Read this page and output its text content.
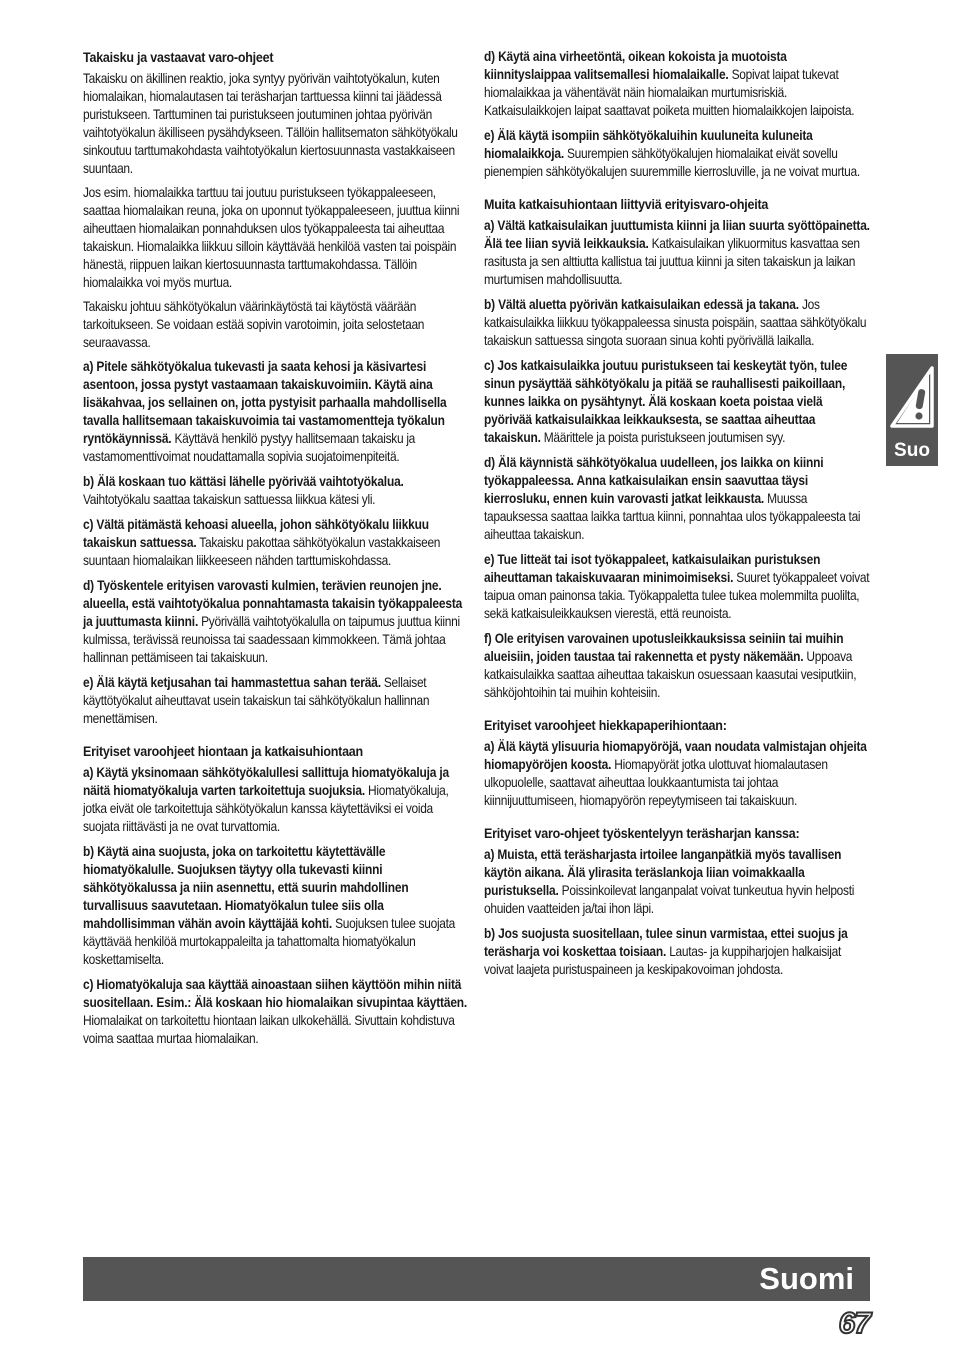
Takaisku ja vastaavat varo-ohjeet
Takaisku on äkillinen reaktio, joka syntyy pyörivän vaihtotyökalun, kuten hiomalaikan, hiomalautasen tai teräsharjan tarttuessa kiinni tai jäädessä puristukseen. Tarttuminen tai puristukseen joutuminen johtaa pyörivän vaihtotyökalun äkilliseen pysähdykseen. Tällöin hallitsematon sähkötyökalu sinkoutuu tarttumakohdasta vaihtotyökalun kiertosuunnasta vastakkaiseen suuntaan.
Jos esim. hiomalaikka tarttuu tai joutuu puristukseen työkappaleeseen, saattaa hiomalaikan reuna, joka on uponnut työkappaleeseen, juuttua kiinni aiheuttaen hiomalaikan ponnahduksen ulos työkappaleesta tai aiheuttaa takaiskun. Hiomalaikka liikkuu silloin käyttävää henkilöä vasten tai poispäin hänestä, riippuen laikan kiertosuunnasta tarttumakohdassa. Tällöin hiomalaikka voi myös murtua.
Takaisku johtuu sähkötyökalun väärinkäytöstä tai käytöstä väärään tarkoitukseen. Se voidaan estää sopivin varotoimin, joita selostetaan seuraavassa.
a) Pitele sähkötyökalua tukevasti ja saata kehosi ja käsivartesi asentoon, jossa pystyt vastaamaan takaiskuvoimiin. Käytä aina lisäkahvaa, jos sellainen on, jotta pystyisit parhaalla mahdollisella tavalla hallitsemaan takaiskuvoimia tai vastamomentteja työkalun ryntökäynnissä. Käyttävä henkilö pystyy hallitsemaan takaisku ja vastamomenttivoimat noudattamalla sopivia suojatoimenpiteitä.
b) Älä koskaan tuo kättäsi lähelle pyörivää vaihtotyökalua. Vaihtotyökalu saattaa takaiskun sattuessa liikkua kätesi yli.
c) Vältä pitämästä kehoasi alueella, johon sähkötyökalu liikkuu takaiskun sattuessa. Takaisku pakottaa sähkötyökalun vastakkaiseen suuntaan hiomalaikan liikkeeseen nähden tarttumiskohdassa.
d) Työskentele erityisen varovasti kulmien, terävien reunojen jne. alueella, estä vaihtotyökalua ponnahtamasta takaisin työkappaleesta ja juuttumasta kiinni. Pyörivällä vaihtotyökalulla on taipumus juuttua kiinni kulmissa, terävissä reunoissa tai saadessaan kimmokkeen. Tämä johtaa hallinnan pettämiseen tai takaiskuun.
e) Älä käytä ketjusahan tai hammastettua sahan terää. Sellaiset käyttötyökalut aiheuttavat usein takaiskun tai sähkötyökalun hallinnan menettämisen.
Erityiset varoohjeet hiontaan ja katkaisuhiontaan
a) Käytä yksinomaan sähkötyökalullesi sallittuja hiomatyökaluja ja näitä hiomatyökaluja varten tarkoitettuja suojuksia. Hiomatyökaluja, jotka eivät ole tarkoitettuja sähkötyökalun kanssa käytettäviksi ei voida suojata riittävästi ja ne ovat turvattomia.
b) Käytä aina suojusta, joka on tarkoitettu käytettävälle hiomatyökalulle. Suojuksen täytyy olla tukevasti kiinni sähkötyökalussa ja niin asennettu, että suurin mahdollinen turvallisuus saavutetaan. Hiomatyökalun tulee siis olla mahdollisimman vähän avoin käyttäjää kohti. Suojuksen tulee suojata käyttävää henkilöä murtokappaleilta ja tahattomalta hiomatyökalun koskettamiselta.
c) Hiomatyökaluja saa käyttää ainoastaan siihen käyttöön mihin niitä suositellaan. Esim.: Älä koskaan hio hiomalaikan sivupintaa käyttäen. Hiomalaikat on tarkoitettu hiontaan laikan ulkokehällä. Sivuttain kohdistuva voima saattaa murtaa hiomalaikan.
d) Käytä aina virheetöntä, oikean kokoista ja muotoista kiinnityslaippaa valitsemallesi hiomalaikalle. Sopivat laipat tukevat hiomalaikkaa ja vähentävät näin hiomalaikan murtumisriskiä. Katkaisulaikkojen laipat saattavat poiketa muitten hiomalaikkojen laipoista.
e) Älä käytä isompiin sähkötyökaluihin kuuluneita kuluneita hiomalaikkoja. Suurempien sähkötyökalujen hiomalaikat eivät sovellu pienempien sähkötyökalujen suuremmille kierrosluville, ja ne voivat murtua.
Muita katkaisuhiontaan liittyviä erityisvaro-ohjeita
a) Vältä katkaisulaikan juuttumista kiinni ja liian suurta syöttöpainetta. Älä tee liian syviä leikkauksia. Katkaisulaikan ylikuormitus kasvattaa sen rasitusta ja sen alttiutta kallistua tai juuttua kiinni ja siten takaiskun ja laikan murtumisen mahdollisuutta.
b) Vältä aluetta pyörivän katkaisulaikan edessä ja takana. Jos katkaisulaikka liikkuu työkappaleessa sinusta poispäin, saattaa sähkötyökalu takaiskun sattuessa singota suoraan sinua kohti pyörivällä laikalla.
c) Jos katkaisulaikka joutuu puristukseen tai keskeytät työn, tulee sinun pysäyttää sähkötyökalu ja pitää se rauhallisesti paikoillaan, kunnes laikka on pysähtynyt. Älä koskaan koeta poistaa vielä pyörivää katkaisulaikkaa leikkauksesta, se saattaa aiheuttaa takaiskun. Määrittele ja poista puristukseen joutumisen syy.
d) Älä käynnistä sähkötyökalua uudelleen, jos laikka on kiinni työkappaleessa. Anna katkaisulaikan ensin saavuttaa täysi kierrosluku, ennen kuin varovasti jatkat leikkausta. Muussa tapauksessa saattaa laikka tarttua kiinni, ponnahtaa ulos työkappaleesta tai aiheuttaa takaiskun.
e) Tue litteät tai isot työkappaleet, katkaisulaikan puristuksen aiheuttaman takaiskuvaaran minimoimiseksi. Suuret työkappaleet voivat taipua oman painonsa takia. Työkappaletta tulee tukea molemmilta puolilta, sekä katkaisuleikkauksen vierestä, että reunoista.
f) Ole erityisen varovainen upotusleikkauksissa seiniin tai muihin alueisiin, joiden taustaa tai rakennetta et pysty näkemään. Uppoava katkaisulaikka saattaa aiheuttaa takaiskun osuessaan kaasutai vesiputkiin, sähköjohtoihin tai muihin kohteisiin.
Erityiset varoohjeet hiekkapaperihiontaan:
a) Älä käytä ylisuuria hiomapyöröjä, vaan noudata valmistajan ohjeita hiomapyöröjen koosta. Hiomapyörät jotka ulottuvat hiomalautasen ulkopuolelle, saattavat aiheuttaa loukkaantumista tai johtaa kiinnijuuttumiseen, hiomapyörön repeytymiseen tai takaiskuun.
Erityiset varo-ohjeet työskentelyyn teräsharjan kanssa:
a) Muista, että teräsharjasta irtoilee langanpätkiä myös tavallisen käytön aikana. Älä ylirasita teräslankoja liian voimakkaalla puristuksella. Poissinkoilevat langanpalat voivat tunkeutua hyvin helposti ohuiden vaatteiden ja/tai ihon läpi.
b) Jos suojusta suositellaan, tulee sinun varmistaa, ettei suojus ja teräsharja voi koskettaa toisiaan. Lautas- ja kuppiharjojen halkaisijat voivat laajeta puristuspaineen ja keskipakovoiman johdosta.
Suo
Suomi
67
